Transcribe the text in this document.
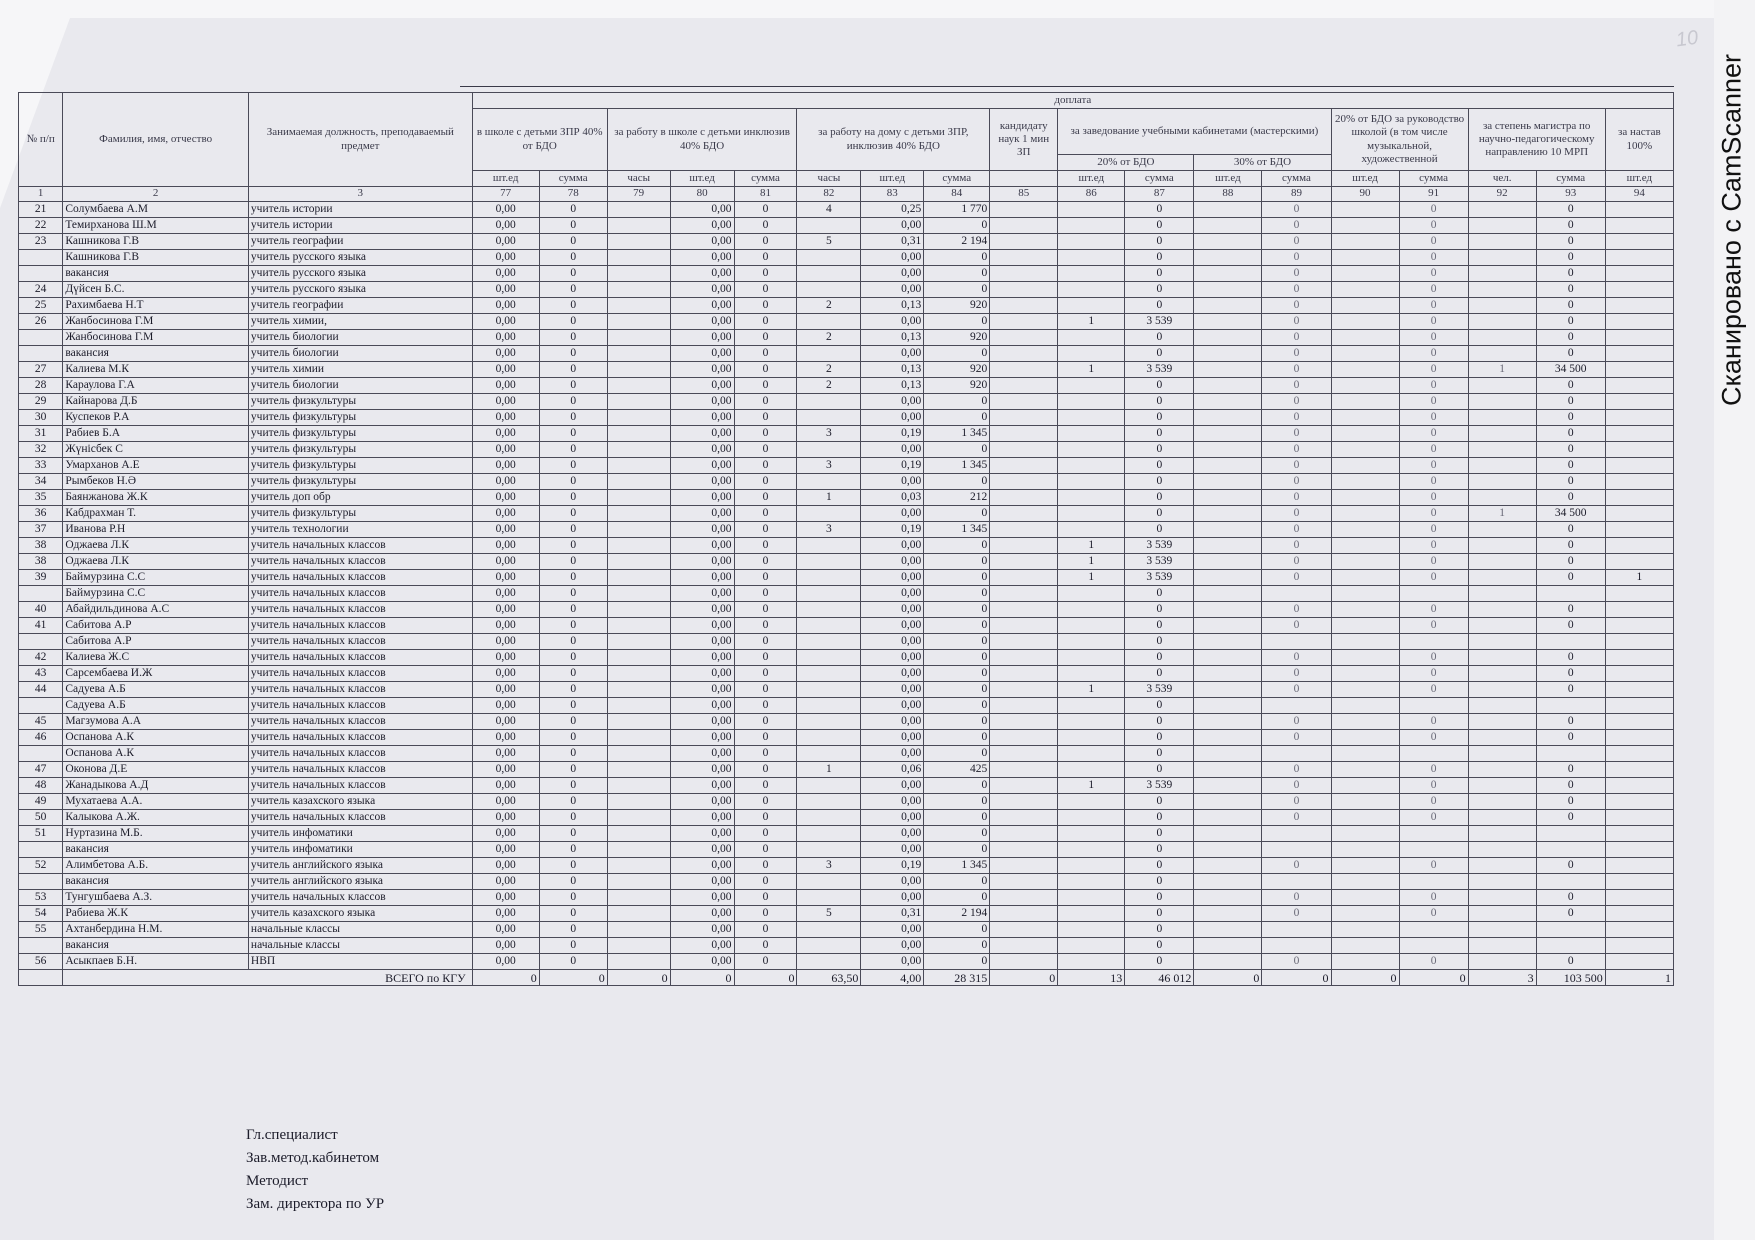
10
№ п/п	Фамилия, имя, отчество	Занимаемая должность, преподаваемый предмет	доплата																	
			в школе с детьми ЗПР 40% от БДО		за работу в школе с детьми инклюзив 40% БДО			за работу на дому с детьми ЗПР, инклюзив 40% БДО			кандидату наук 1 мин ЗП	за заведование учебными кабинетами (мастерскими)				20% от БДО за руководство школой (в том числе музыкальной, художественной		за степень магистра по научно-педагогическому направлению 10 МРП		за настав 100%
												20% от БДО		30% от БДО						
			шт.ед	сумма	часы	шт.ед	сумма	часы	шт.ед	сумма		шт.ед	сумма	шт.ед	сумма	шт.ед	сумма	чел.	сумма	шт.ед
1	2	3	77	78	79	80	81	82	83	84	85	86	87	88	89	90	91	92	93	94
21	Солумбаева А.М	учитель истории	0,00	0		0,00	0	4	0,25	1 770			0		0		0		0	
22	Темирханова Ш.М	учитель истории	0,00	0		0,00	0		0,00	0			0		0		0		0	
23	Кашникова Г.В	учитель географии	0,00	0		0,00	0	5	0,31	2 194			0		0		0		0	
	Кашникова Г.В	учитель русского языка	0,00	0		0,00	0		0,00	0			0		0		0		0	
	вакансия	учитель русского языка	0,00	0		0,00	0		0,00	0			0		0		0		0	
24	Дүйсен Б.С.	учитель русского языка	0,00	0		0,00	0		0,00	0			0		0		0		0	
25	Рахимбаева Н.Т	учитель географии	0,00	0		0,00	0	2	0,13	920			0		0		0		0	
26	Жанбосинова Г.М	учитель химии,	0,00	0		0,00	0		0,00	0		1	3 539		0		0		0	
	Жанбосинова Г.М	учитель биологии	0,00	0		0,00	0	2	0,13	920			0		0		0		0	
	вакансия	учитель биологии	0,00	0		0,00	0		0,00	0			0		0		0		0	
27	Калиева М.К	учитель химии	0,00	0		0,00	0	2	0,13	920		1	3 539		0		0	1	34 500	
28	Караулова Г.А	учитель биологии	0,00	0		0,00	0	2	0,13	920			0		0		0		0	
29	Кайнарова Д.Б	учитель физкультуры	0,00	0		0,00	0		0,00	0			0		0		0		0	
30	Куспеков Р.А	учитель физкультуры	0,00	0		0,00	0		0,00	0			0		0		0		0	
31	Рабиев Б.А	учитель физкультуры	0,00	0		0,00	0	3	0,19	1 345			0		0		0		0	
32	Жүнісбек С	учитель физкультуры	0,00	0		0,00	0		0,00	0			0		0		0		0	
33	Умарханов А.Е	учитель физкультуры	0,00	0		0,00	0	3	0,19	1 345			0		0		0		0	
34	Рымбеков Н.Ә	учитель физкультуры	0,00	0		0,00	0		0,00	0			0		0		0		0	
35	Баянжанова Ж.К	учитель доп обр	0,00	0		0,00	0	1	0,03	212			0		0		0		0	
36	Кабдрахман Т.	учитель физкультуры	0,00	0		0,00	0		0,00	0			0		0		0	1	34 500	
37	Иванова Р.Н	учитель технологии	0,00	0		0,00	0	3	0,19	1 345			0		0		0		0	
38	Оджаева Л.К	учитель начальных классов	0,00	0		0,00	0		0,00	0		1	3 539		0		0		0	
38	Оджаева Л.К	учитель начальных классов	0,00	0		0,00	0		0,00	0		1	3 539		0		0		0	
39	Баймурзина С.С	учитель начальных классов	0,00	0		0,00	0		0,00	0		1	3 539		0		0		0	1
	Баймурзина С.С	учитель начальных классов	0,00	0		0,00	0		0,00	0			0							
40	Абайдильдинова А.С	учитель начальных классов	0,00	0		0,00	0		0,00	0			0		0		0		0	
41	Сабитова А.Р	учитель начальных классов	0,00	0		0,00	0		0,00	0			0		0		0		0	
	Сабитова А.Р	учитель начальных классов	0,00	0		0,00	0		0,00	0			0							
42	Калиева Ж.С	учитель начальных классов	0,00	0		0,00	0		0,00	0			0		0		0		0	
43	Сарсембаева И.Ж	учитель начальных классов	0,00	0		0,00	0		0,00	0			0		0		0		0	
44	Садуева А.Б	учитель начальных классов	0,00	0		0,00	0		0,00	0		1	3 539		0		0		0	
	Садуева А.Б	учитель начальных классов	0,00	0		0,00	0		0,00	0			0							
45	Магзумова А.А	учитель начальных классов	0,00	0		0,00	0		0,00	0			0		0		0		0	
46	Оспанова А.К	учитель начальных классов	0,00	0		0,00	0		0,00	0			0		0		0		0	
	Оспанова А.К	учитель начальных классов	0,00	0		0,00	0		0,00	0			0							
47	Оконова Д.Е	учитель начальных классов	0,00	0		0,00	0	1	0,06	425			0		0		0		0	
48	Жанадыкова А.Д	учитель начальных классов	0,00	0		0,00	0		0,00	0		1	3 539		0		0		0	
49	Мухатаева А.А.	учитель казахского языка	0,00	0		0,00	0		0,00	0			0		0		0		0	
50	Калыкова А.Ж.	учитель начальных классов	0,00	0		0,00	0		0,00	0			0		0		0		0	
51	Нуртазина М.Б.	учитель инфоматики	0,00	0		0,00	0		0,00	0			0							
	вакансия	учитель инфоматики	0,00	0		0,00	0		0,00	0			0							
52	Алимбетова А.Б.	учитель английского языка	0,00	0		0,00	0	3	0,19	1 345			0		0		0		0	
	вакансия	учитель английского языка	0,00	0		0,00	0		0,00	0			0							
53	Тунгушбаева А.З.	учитель начальных классов	0,00	0		0,00	0		0,00	0			0		0		0		0	
54	Рабиева Ж.К	учитель казахского языка	0,00	0		0,00	0	5	0,31	2 194			0		0		0		0	
55	Ахтанбердина Н.М.	начальные классы	0,00	0		0,00	0		0,00	0			0							
	вакансия	начальные классы	0,00	0		0,00	0		0,00	0			0							
56	Асыкпаев Б.Н.	НВП	0,00	0		0,00	0		0,00	0			0		0		0		0	
	ВСЕГО по КГУ		0	0	0	0	0	63,50	4,00	28 315	0	13	46 012	0	0	0	0	3	103 500	1
Гл.специалист
Зав.метод.кабинетом
Методист
Зам. директора по УР
Сканировано с CamScanner
